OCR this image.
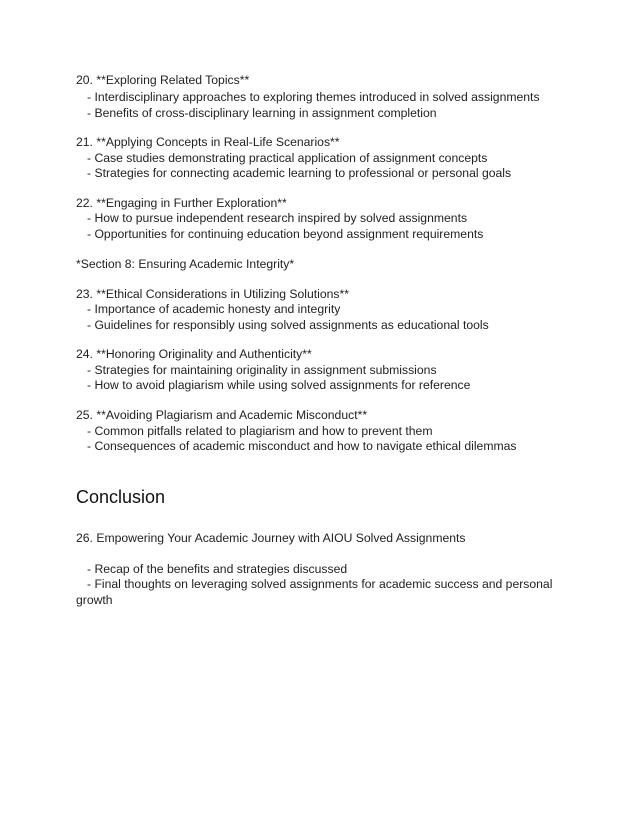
20. **Exploring Related Topics**
- Interdisciplinary approaches to exploring themes introduced in solved assignments
- Benefits of cross-disciplinary learning in assignment completion
21. **Applying Concepts in Real-Life Scenarios**
- Case studies demonstrating practical application of assignment concepts
- Strategies for connecting academic learning to professional or personal goals
22. **Engaging in Further Exploration**
- How to pursue independent research inspired by solved assignments
- Opportunities for continuing education beyond assignment requirements
*Section 8: Ensuring Academic Integrity*
23. **Ethical Considerations in Utilizing Solutions**
- Importance of academic honesty and integrity
- Guidelines for responsibly using solved assignments as educational tools
24. **Honoring Originality and Authenticity**
- Strategies for maintaining originality in assignment submissions
- How to avoid plagiarism while using solved assignments for reference
25. **Avoiding Plagiarism and Academic Misconduct**
- Common pitfalls related to plagiarism and how to prevent them
- Consequences of academic misconduct and how to navigate ethical dilemmas
Conclusion
26. Empowering Your Academic Journey with AIOU Solved Assignments
- Recap of the benefits and strategies discussed
- Final thoughts on leveraging solved assignments for academic success and personal
growth
